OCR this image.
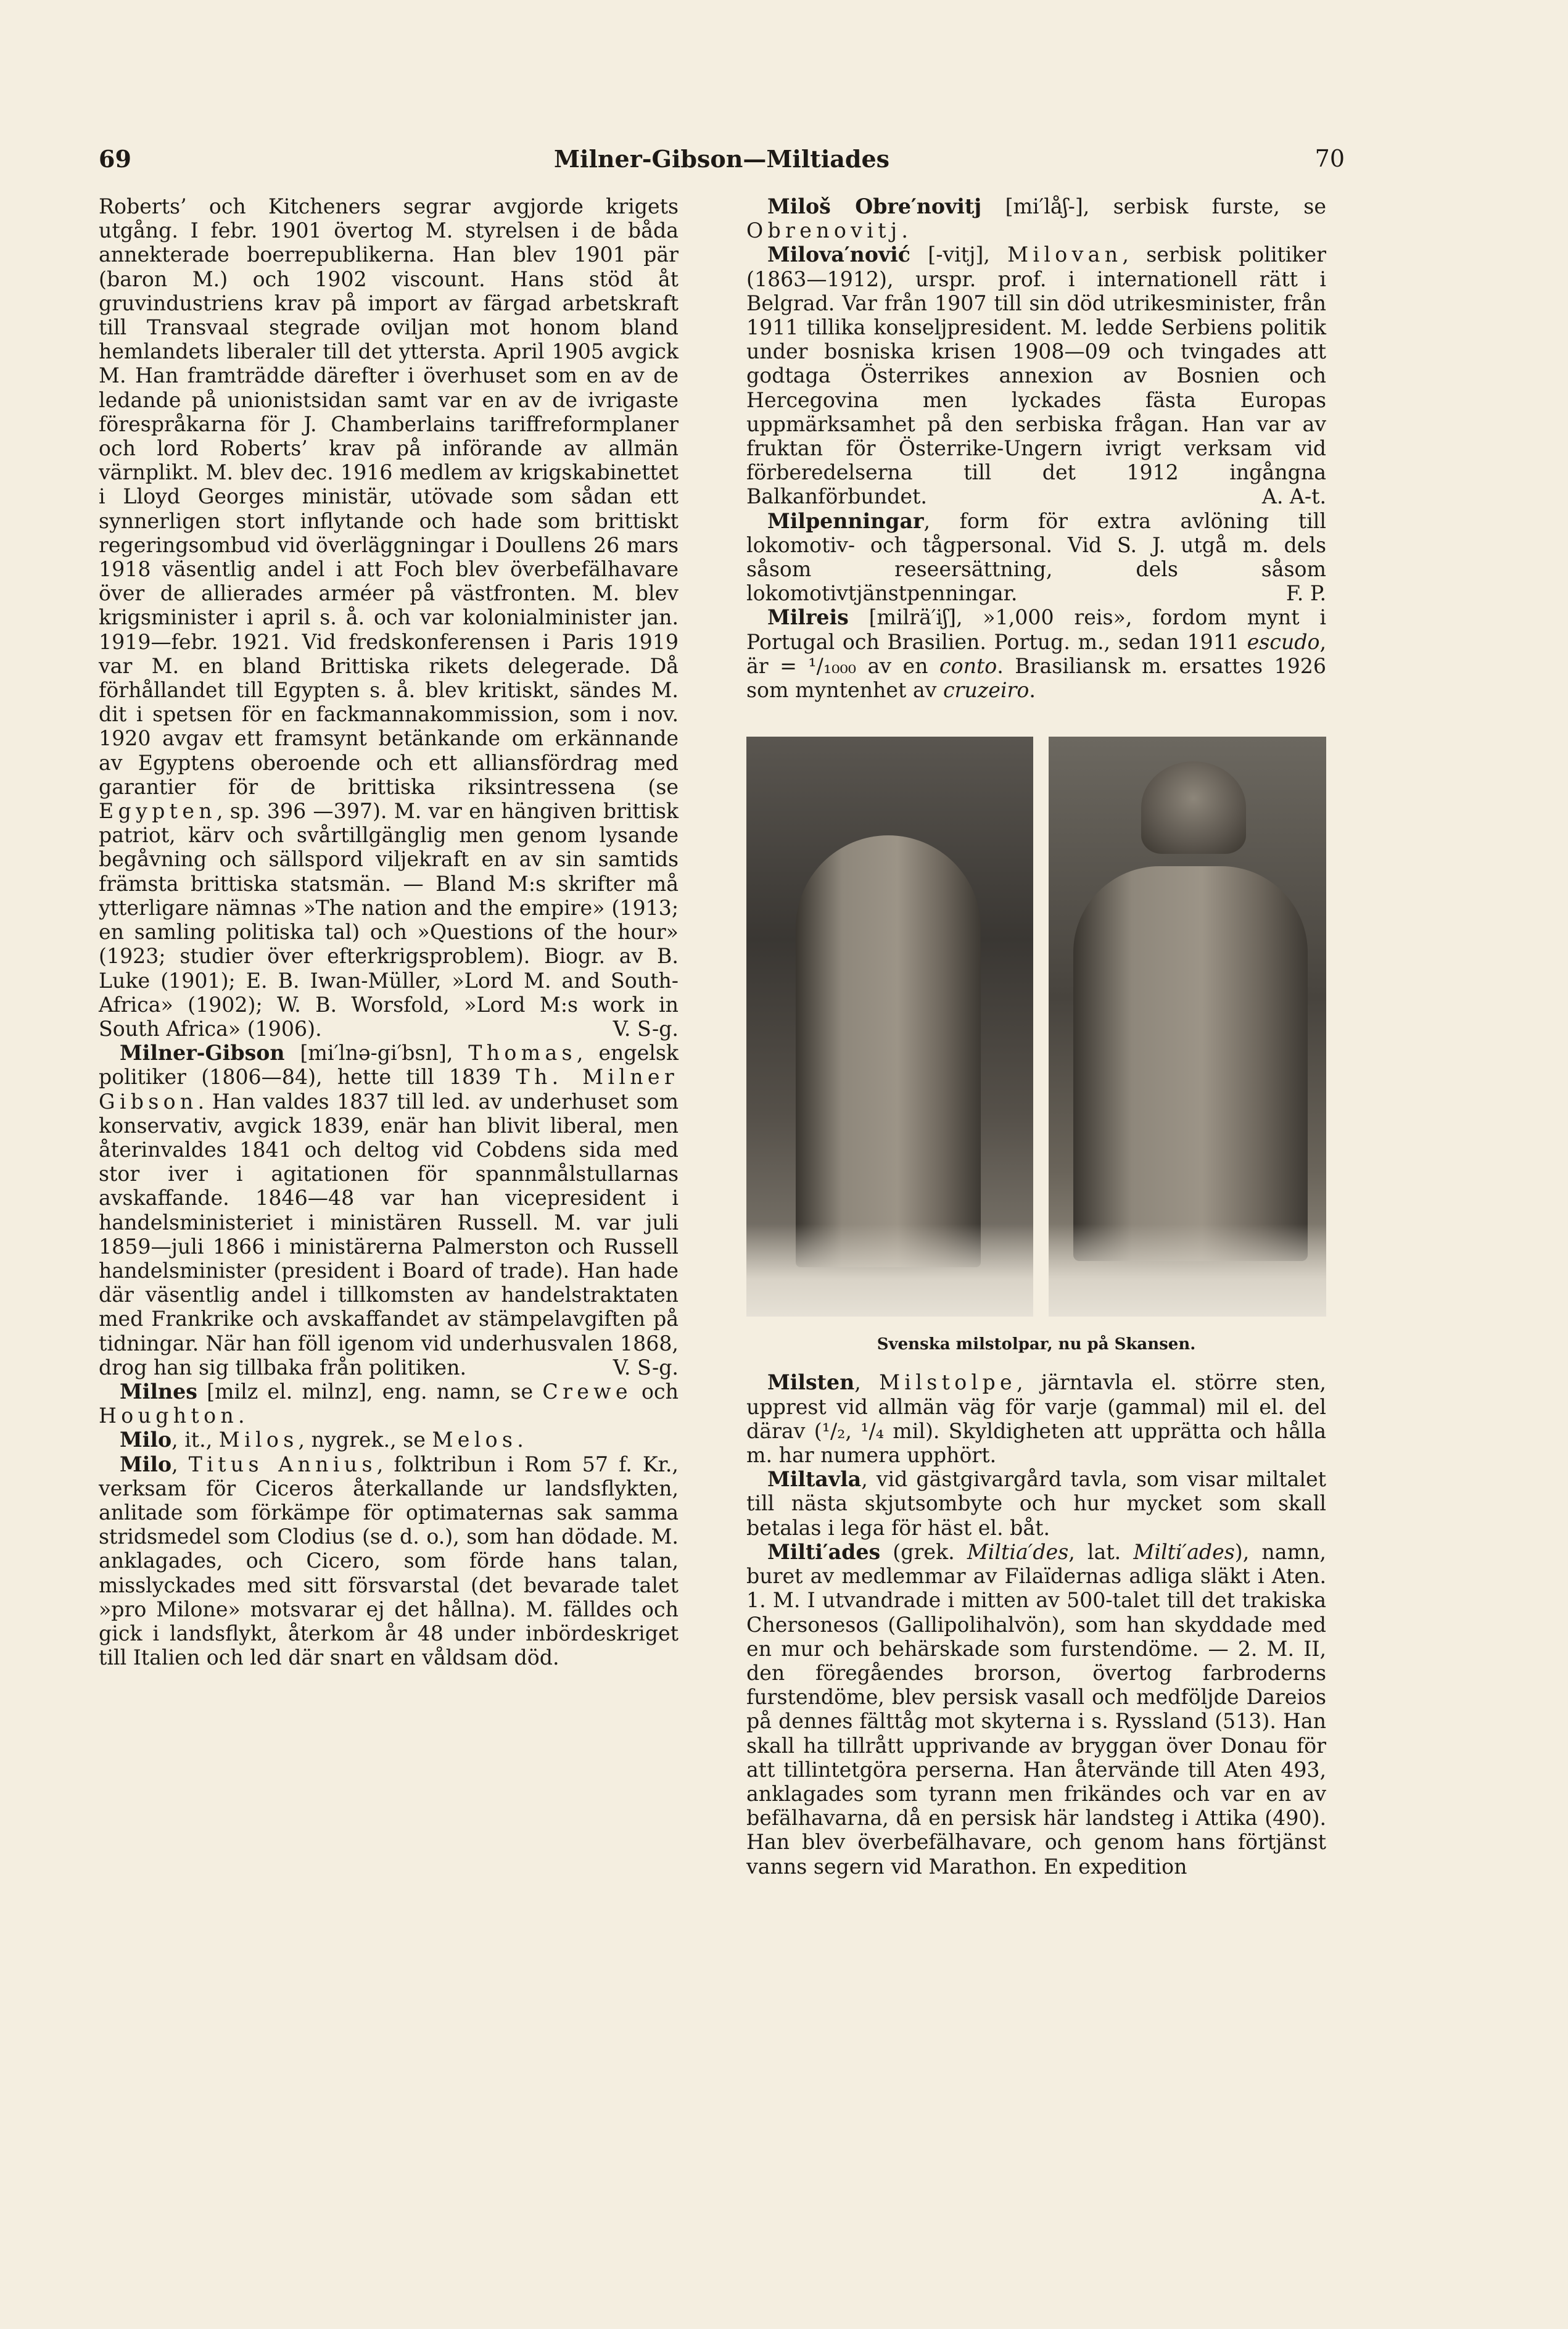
69	Milner-Gibson—Miltiades	70

Roberts’ och Kitcheners segrar avgjorde krigets utgång. I febr. 1901 övertog M. styrelsen i de båda annekterade boerrepublikerna. Han blev 1901 pär (baron M.) och 1902 viscount. Hans stöd åt gruvindustriens krav på import av färgad arbetskraft till Transvaal stegrade oviljan mot honom bland hemlandets liberaler till det yttersta. April 1905 avgick M. Han framträdde därefter i överhuset som en av de ledande på unionistsidan samt var en av de ivrigaste förespråkarna för J. Chamberlains tariffreformplaner och lord Roberts’ krav på införande av allmän värnplikt. M. blev dec. 1916 medlem av krigskabinettet i Lloyd Georges ministär, utövade som sådan ett synnerligen stort inflytande och hade som brittiskt regeringsombud vid överläggningar i Doullens 26 mars 1918 väsentlig andel i att Foch blev överbefälhavare över de allierades arméer på västfronten. M. blev krigsminister i april s. å. och var kolonialminister jan. 1919—febr. 1921. Vid fredskonferensen i Paris 1919 var M. en bland Brittiska rikets delegerade. Då förhållandet till Egypten s. å. blev kritiskt, sändes M. dit i spetsen för en fackmannakommission, som i nov. 1920 avgav ett framsynt betänkande om erkännande av Egyptens oberoende och ett alliansfördrag med garantier för de brittiska riksintressena (se Egypten, sp. 396 —397). M. var en hängiven brittisk patriot, kärv och svårtillgänglig men genom lysande begåvning och sällspord viljekraft en av sin samtids främsta brittiska statsmän. — Bland M:s skrifter må ytterligare nämnas »The nation and the empire» (1913; en samling politiska tal) och »Questions of the hour» (1923; studier över efterkrigsproblem). Biogr. av B. Luke (1901); E. B. Iwan-Müller, »Lord M. and South-Africa» (1902); W. B. Worsfold, »Lord M:s work in South Africa» (1906).	V. S-g.

Milner-Gibson [mi′lnə-gi′bsn], Thomas, engelsk politiker (1806—84), hette till 1839 Th. Milner Gibson. Han valdes 1837 till led. av underhuset som konservativ, avgick 1839, enär han blivit liberal, men återinvaldes 1841 och deltog vid Cobdens sida med stor iver i agitationen för spannmålstullarnas avskaffande. 1846—48 var han vicepresident i handelsministeriet i ministären Russell. M. var juli 1859—juli 1866 i ministärerna Palmerston och Russell handelsminister (president i Board of trade). Han hade där väsentlig andel i tillkomsten av handelstraktaten med Frankrike och avskaffandet av stämpelavgiften på tidningar. När han föll igenom vid underhusvalen 1868, drog han sig tillbaka från politiken.	V. S-g.

Milnes [milz el. milnz], eng. namn, se Crewe och Houghton.

Milo, it., Milos, nygrek., se Melos.

Milo, Titus Annius, folktribun i Rom 57 f. Kr., verksam för Ciceros återkallande ur landsflykten, anlitade som förkämpe för optimaternas sak samma stridsmedel som Clodius (se d. o.), som han dödade. M. anklagades, och Cicero, som förde hans talan, misslyckades med sitt försvarstal (det bevarade talet »pro Milone» motsvarar ej det hållna). M. fälldes och gick i landsflykt, återkom år 48 under inbördeskriget till Italien och led där snart en våldsam död.

Miloš Obre′novitj [mi′låʃ-], serbisk furste, se Obrenovitj.

Milova′nović [-vitj], Milovan, serbisk politiker (1863—1912), urspr. prof. i internationell rätt i Belgrad. Var från 1907 till sin död utrikesminister, från 1911 tillika konseljpresident. M. ledde Serbiens politik under bosniska krisen 1908—09 och tvingades att godtaga Österrikes annexion av Bosnien och Hercegovina men lyckades fästa Europas uppmärksamhet på den serbiska frågan. Han var av fruktan för Österrike-Ungern ivrigt verksam vid förberedelserna till det 1912 ingångna Balkanförbundet.	A. A-t.

Milpenningar, form för extra avlöning till lokomotiv- och tågpersonal. Vid S. J. utgå m. dels såsom reseersättning, dels såsom lokomotivtjänstpenningar.	F. P.

Milreis [milrä′iʃ], »1,000 reis», fordom mynt i Portugal och Brasilien. Portug. m., sedan 1911 escudo, är = ¹/₁₀₀₀ av en conto. Brasiliansk m. ersattes 1926 som myntenhet av cruzeiro.

Svenska milstolpar, nu på Skansen.

Milsten, Milstolpe, järntavla el. större sten, upprest vid allmän väg för varje (gammal) mil el. del därav (¹/₂, ¹/₄ mil). Skyldigheten att upprätta och hålla m. har numera upphört.

Miltavla, vid gästgivargård tavla, som visar miltalet till nästa skjutsombyte och hur mycket som skall betalas i lega för häst el. båt.

Milti′ades (grek. Miltia′des, lat. Milti′ades), namn, buret av medlemmar av Filaïdernas adliga släkt i Aten. 1. M. I utvandrade i mitten av 500-talet till det trakiska Chersonesos (Gallipolihalvön), som han skyddade med en mur och behärskade som furstendöme. — 2. M. II, den föregåendes brorson, övertog farbroderns furstendöme, blev persisk vasall och medföljde Dareios på dennes fälttåg mot skyterna i s. Ryssland (513). Han skall ha tillrått upprivande av bryggan över Donau för att tillintetgöra perserna. Han återvände till Aten 493, anklagades som tyrann men frikändes och var en av befälhavarna, då en persisk här landsteg i Attika (490). Han blev överbefälhavare, och genom hans förtjänst vanns segern vid Marathon. En expedition
